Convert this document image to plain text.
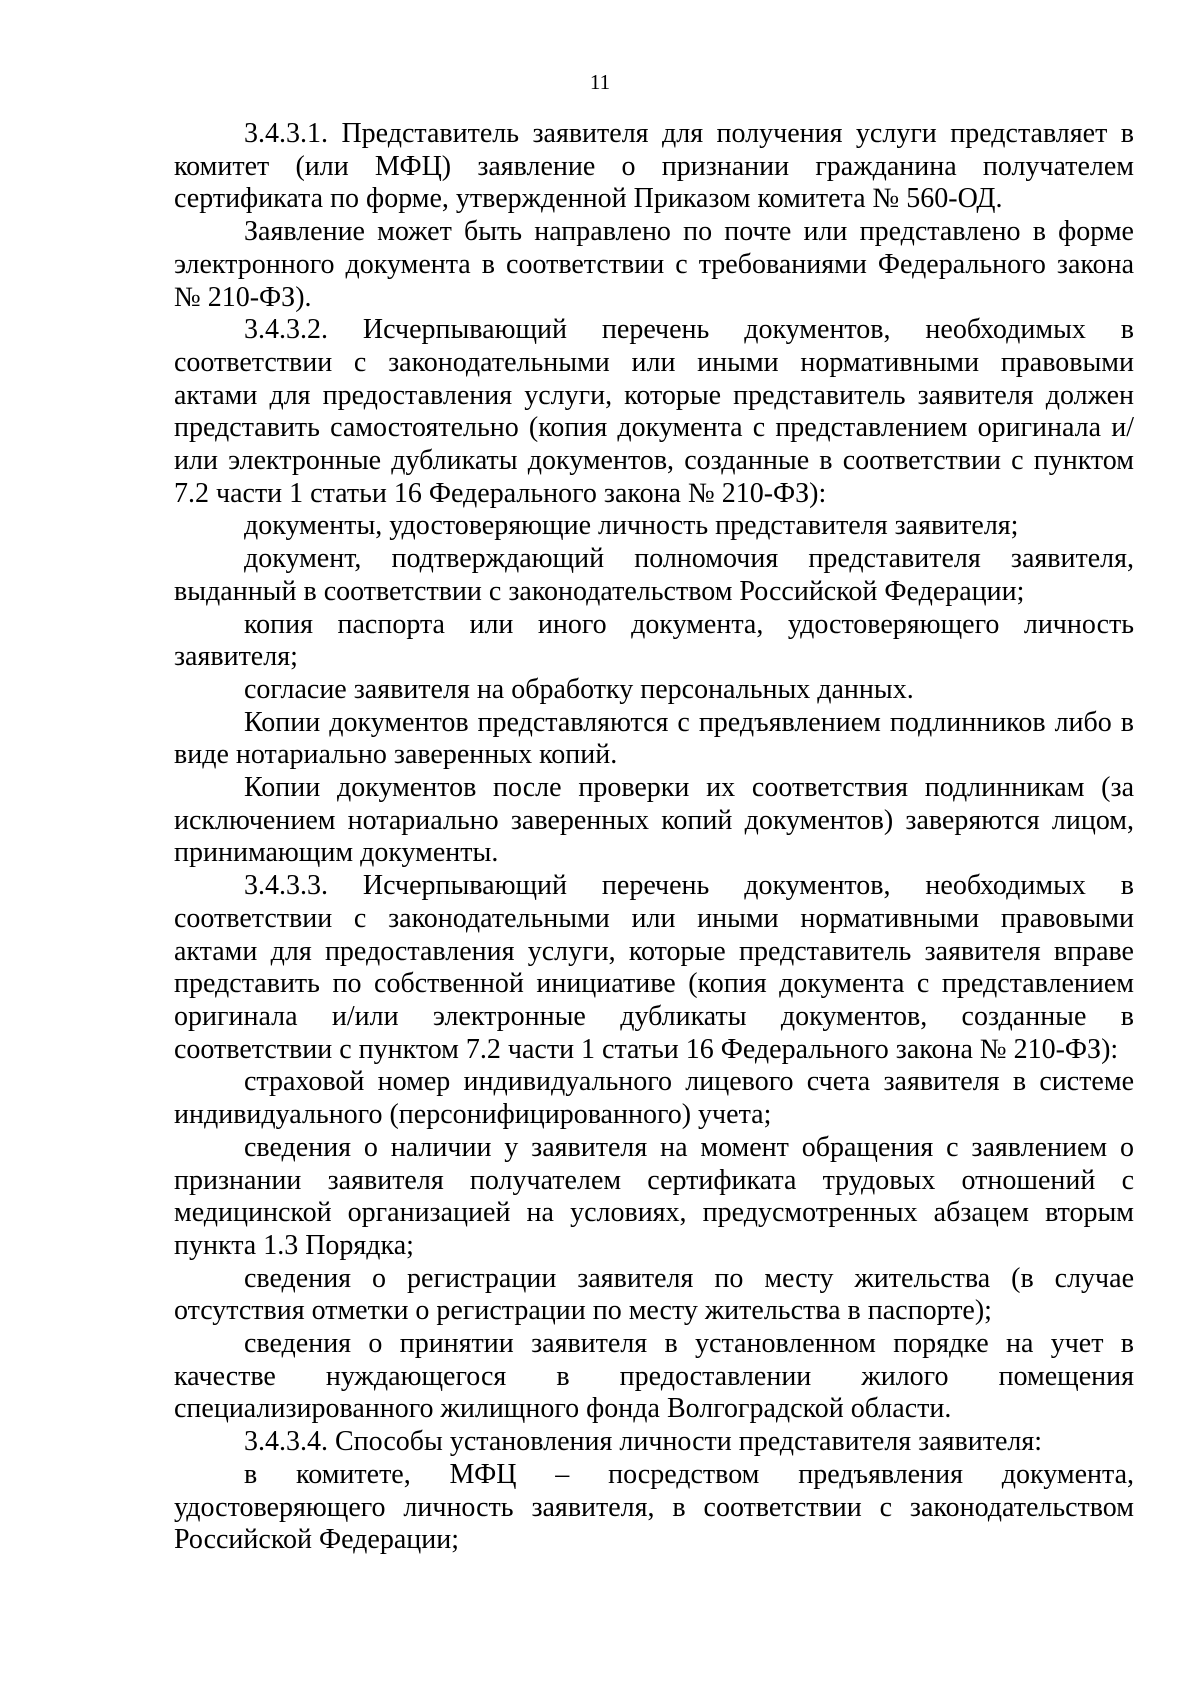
11

3.4.3.1. Представитель заявителя для получения услуги представляет в комитет (или МФЦ) заявление о признании гражданина получателем сертификата по форме, утвержденной Приказом комитета № 560-ОД.

Заявление может быть направлено по почте или представлено в форме электронного документа в соответствии с требованиями Федерального закона № 210-ФЗ).

3.4.3.2. Исчерпывающий перечень документов, необходимых в соответствии с законодательными или иными нормативными правовыми актами для предоставления услуги, которые представитель заявителя должен представить самостоятельно (копия документа с представлением оригинала и/или электронные дубликаты документов, созданные в соответствии с пунктом 7.2 части 1 статьи 16 Федерального закона № 210-ФЗ):

документы, удостоверяющие личность представителя заявителя;

документ, подтверждающий полномочия представителя заявителя, выданный в соответствии с законодательством Российской Федерации;

копия паспорта или иного документа, удостоверяющего личность заявителя;

согласие заявителя на обработку персональных данных.

Копии документов представляются с предъявлением подлинников либо в виде нотариально заверенных копий.

Копии документов после проверки их соответствия подлинникам (за исключением нотариально заверенных копий документов) заверяются лицом, принимающим документы.

3.4.3.3. Исчерпывающий перечень документов, необходимых в соответствии с законодательными или иными нормативными правовыми актами для предоставления услуги, которые представитель заявителя вправе представить по собственной инициативе (копия документа с представлением оригинала и/или электронные дубликаты документов, созданные в соответствии с пунктом 7.2 части 1 статьи 16 Федерального закона № 210-ФЗ):

страховой номер индивидуального лицевого счета заявителя в системе индивидуального (персонифицированного) учета;

сведения о наличии у заявителя на момент обращения с заявлением о признании заявителя получателем сертификата трудовых отношений с медицинской организацией на условиях, предусмотренных абзацем вторым пункта 1.3 Порядка;

сведения о регистрации заявителя по месту жительства (в случае отсутствия отметки о регистрации по месту жительства в паспорте);

сведения о принятии заявителя в установленном порядке на учет в качестве нуждающегося в предоставлении жилого помещения специализированного жилищного фонда Волгоградской области.

3.4.3.4. Способы установления личности представителя заявителя:

в комитете, МФЦ – посредством предъявления документа, удостоверяющего личность заявителя, в соответствии с законодательством Российской Федерации;
